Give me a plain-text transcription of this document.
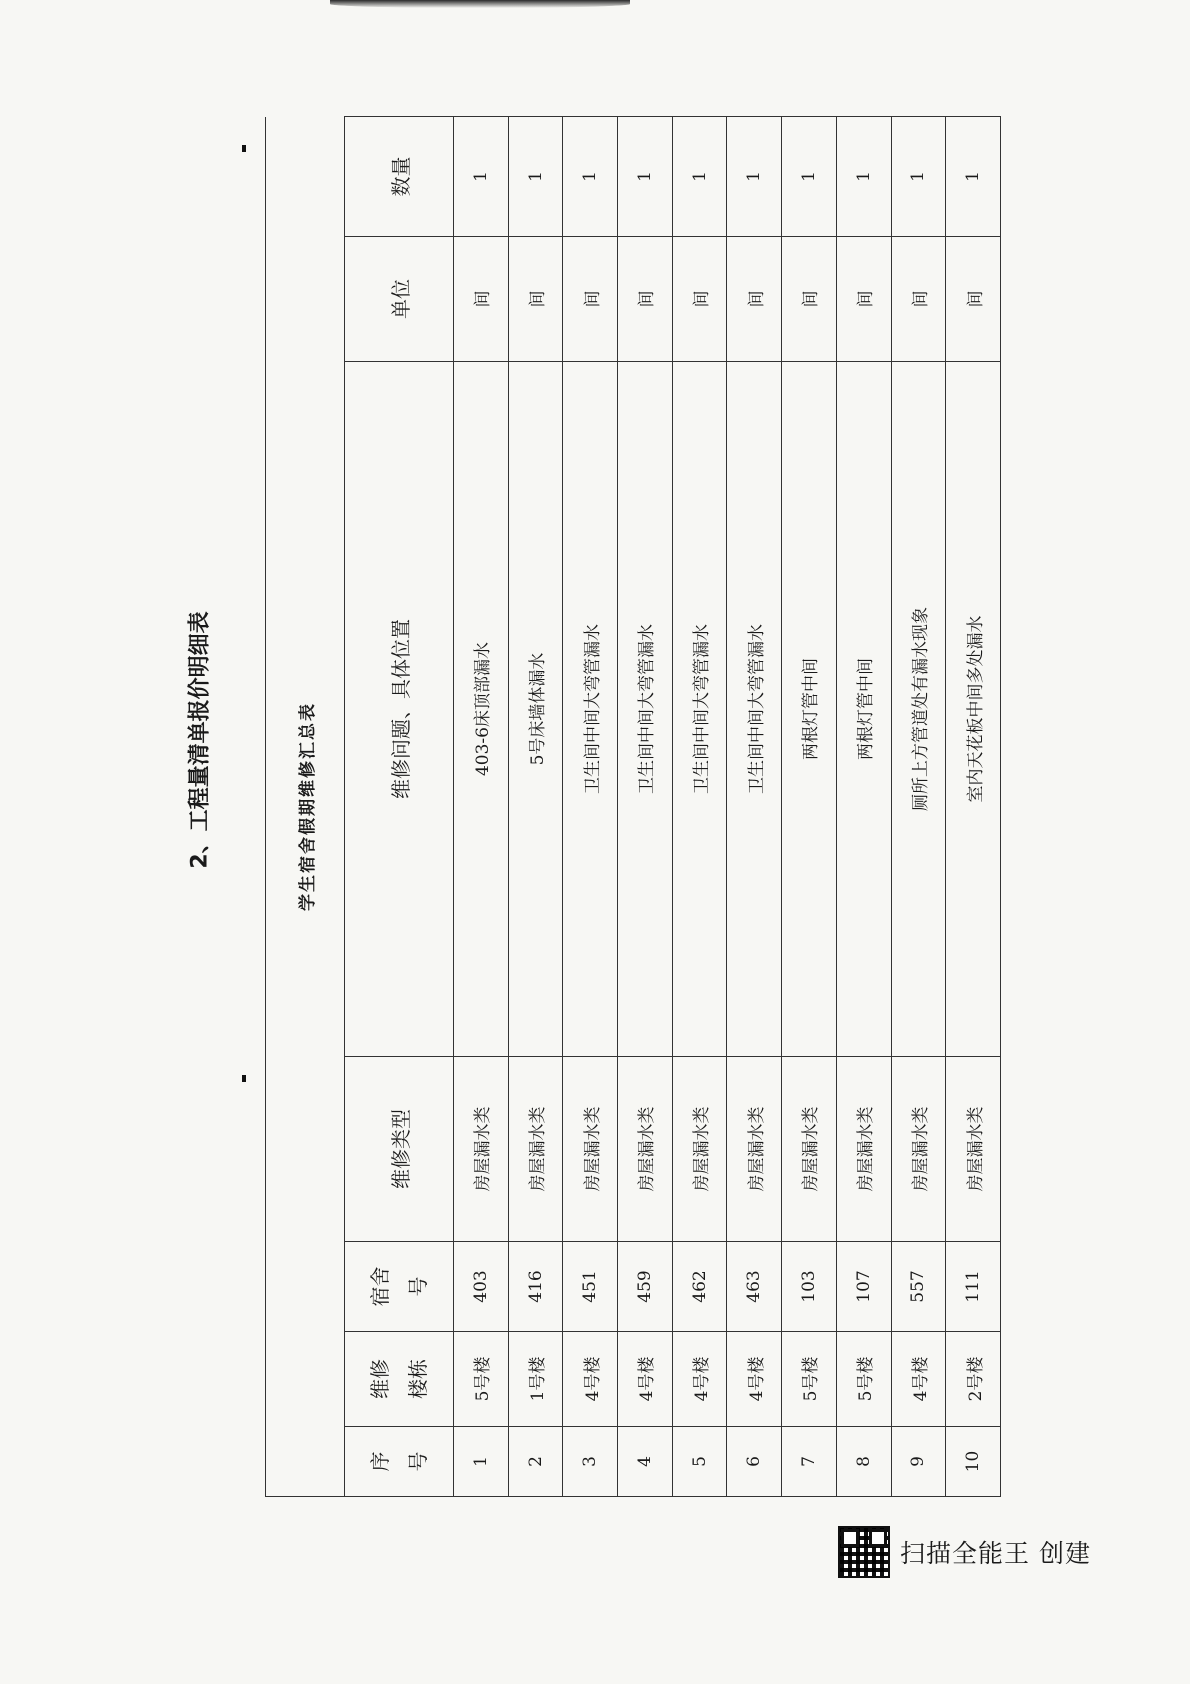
2、工程量清单报价明细表	学生宿舍假期维修汇总表						
序 号	维修 楼栋	宿舍 号	维修类型	维修问题、具体位置	单位	数量
1	5号楼	403	房屋漏水类	403-6床顶部漏水	间	1
2	1号楼	416	房屋漏水类	5号床墙体漏水	间	1
3	4号楼	451	房屋漏水类	卫生间中间大弯管漏水	间	1
4	4号楼	459	房屋漏水类	卫生间中间大弯管漏水	间	1
5	4号楼	462	房屋漏水类	卫生间中间大弯管漏水	间	1
6	4号楼	463	房屋漏水类	卫生间中间大弯管漏水	间	1
7	5号楼	103	房屋漏水类	两根灯管中间	间	1
8	5号楼	107	房屋漏水类	两根灯管中间	间	1
9	4号楼	557	房屋漏水类	厕所上方管道处有漏水现象	间	1
10	2号楼	111	房屋漏水类	室内天花板中间多处漏水	间	1
扫描全能王 创建
